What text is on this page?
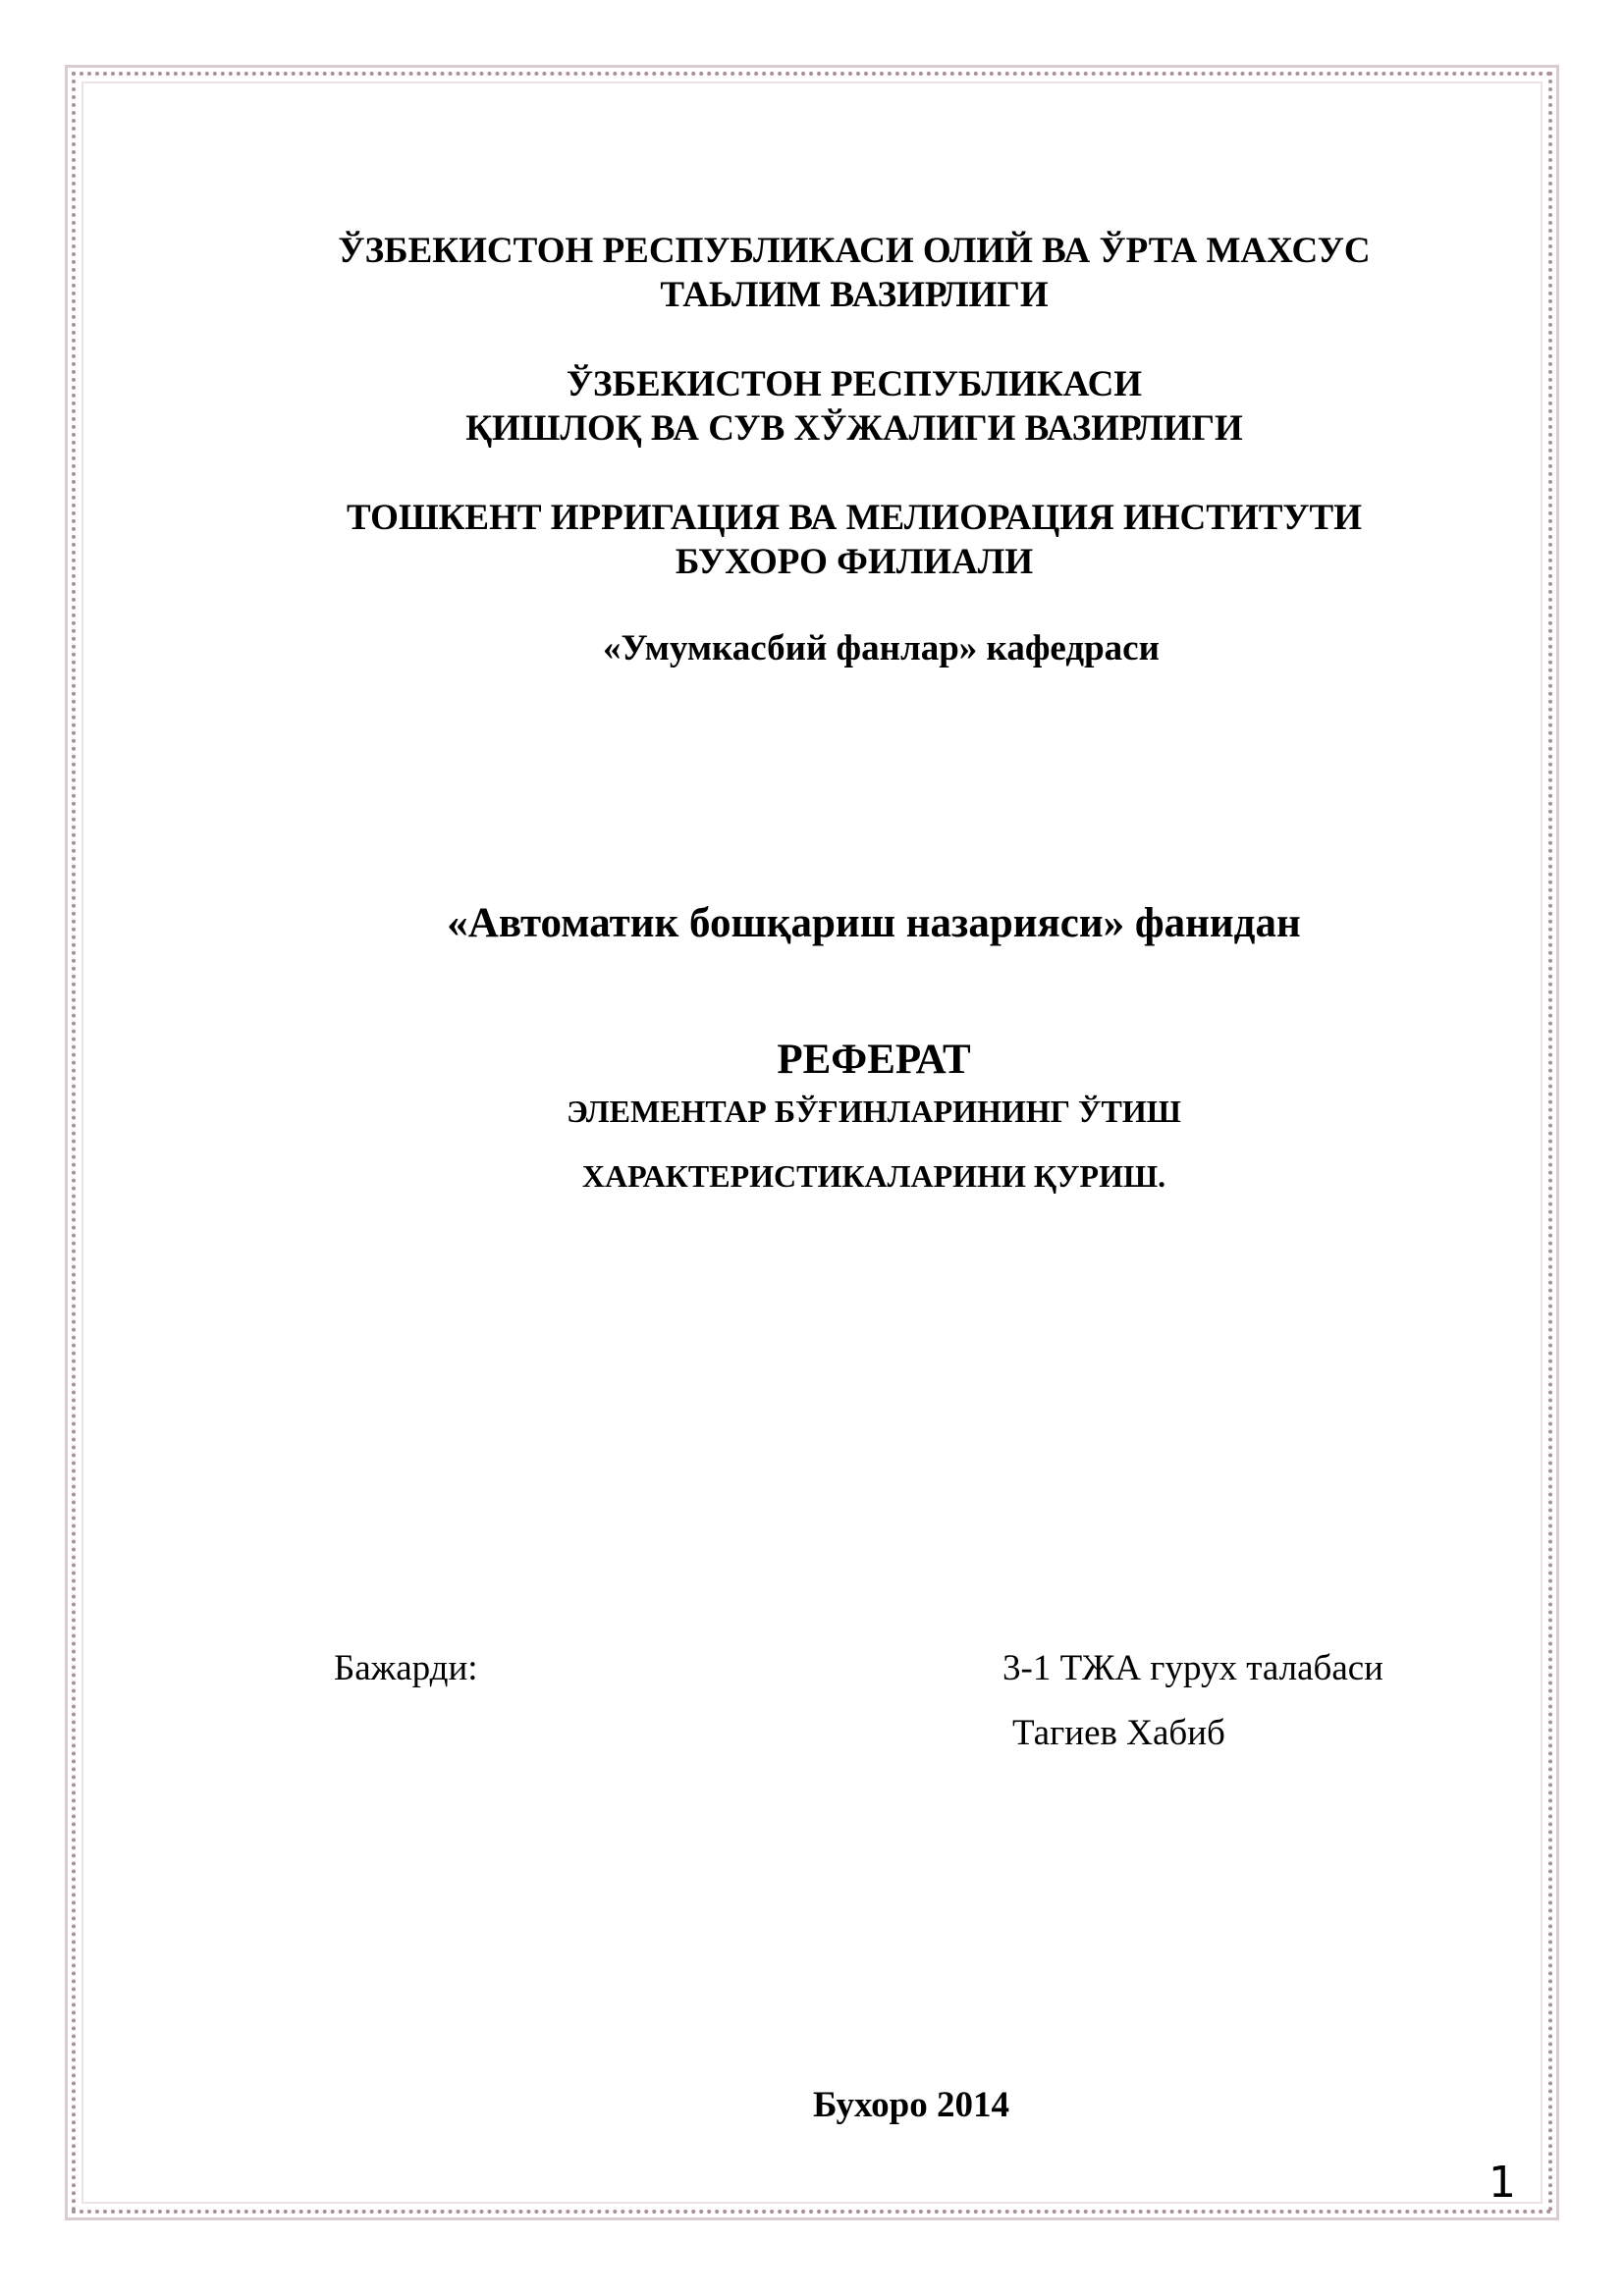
ЎЗБЕКИСТОН РЕСПУБЛИКАСИ ОЛИЙ ВА ЎРТА МАХСУС
ТАЬЛИМ ВАЗИРЛИГИ
ЎЗБЕКИСТОН РЕСПУБЛИКАСИ
ҚИШЛОҚ ВА СУВ ХЎЖАЛИГИ ВАЗИРЛИГИ
ТОШКЕНТ ИРРИГАЦИЯ ВА МЕЛИОРАЦИЯ ИНСТИТУТИ
БУХОРО ФИЛИАЛИ
«Умумкасбий фанлар» кафедраси
«Автоматик бошқариш назарияси» фанидан
РЕФЕРАТ
ЭЛЕМЕНТАР БЎҒИНЛАРИНИНГ ЎТИШ
ХАРАКТЕРИСТИКАЛАРИНИ ҚУРИШ.
Бажарди:	3-1 ТЖА гурух талабаси
Тагиев Хабиб
Бухоро 2014
1
